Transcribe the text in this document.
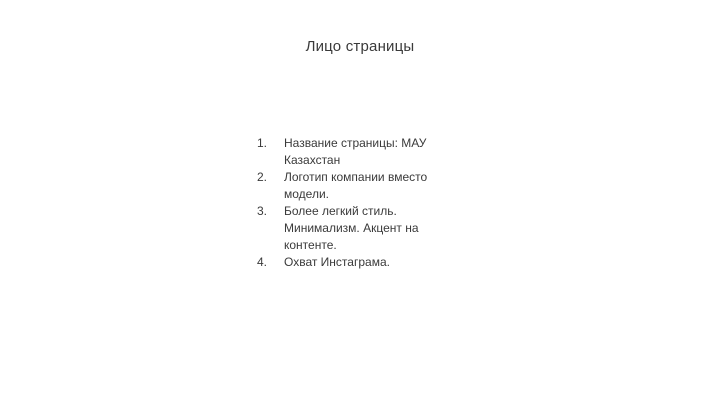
Лицо страницы
1.	Название страницы: МАУ Казахстан
2.	Логотип компании вместо модели.
3.	Более легкий стиль. Минимализм. Акцент на контенте.
4.	Охват Инстаграма.
